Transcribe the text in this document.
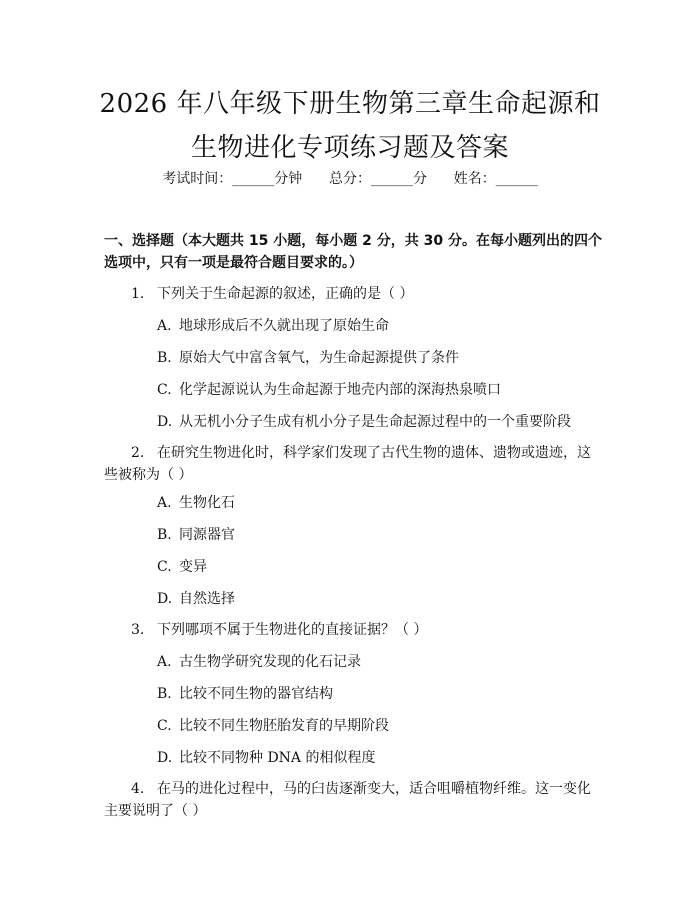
2026 年八年级下册生物第三章生命起源和生物进化专项练习题及答案
考试时间：______分钟 总分：______分 姓名：______
一、选择题（本大题共 15 小题，每小题 2 分，共 30 分。在每小题列出的四个选项中，只有一项是最符合题目要求的。）
1. 下列关于生命起源的叙述，正确的是（ ）
A. 地球形成后不久就出现了原始生命
B. 原始大气中富含氧气，为生命起源提供了条件
C. 化学起源说认为生命起源于地壳内部的深海热泉喷口
D. 从无机小分子生成有机小分子是生命起源过程中的一个重要阶段
2. 在研究生物进化时，科学家们发现了古代生物的遗体、遗物或遗迹，这些被称为（ ）
A. 生物化石
B. 同源器官
C. 变异
D. 自然选择
3. 下列哪项不属于生物进化的直接证据？（ ）
A. 古生物学研究发现的化石记录
B. 比较不同生物的器官结构
C. 比较不同生物胚胎发育的早期阶段
D. 比较不同物种 DNA 的相似程度
4. 在马的进化过程中，马的臼齿逐渐变大，适合咀嚼植物纤维。这一变化主要说明了（ ）
